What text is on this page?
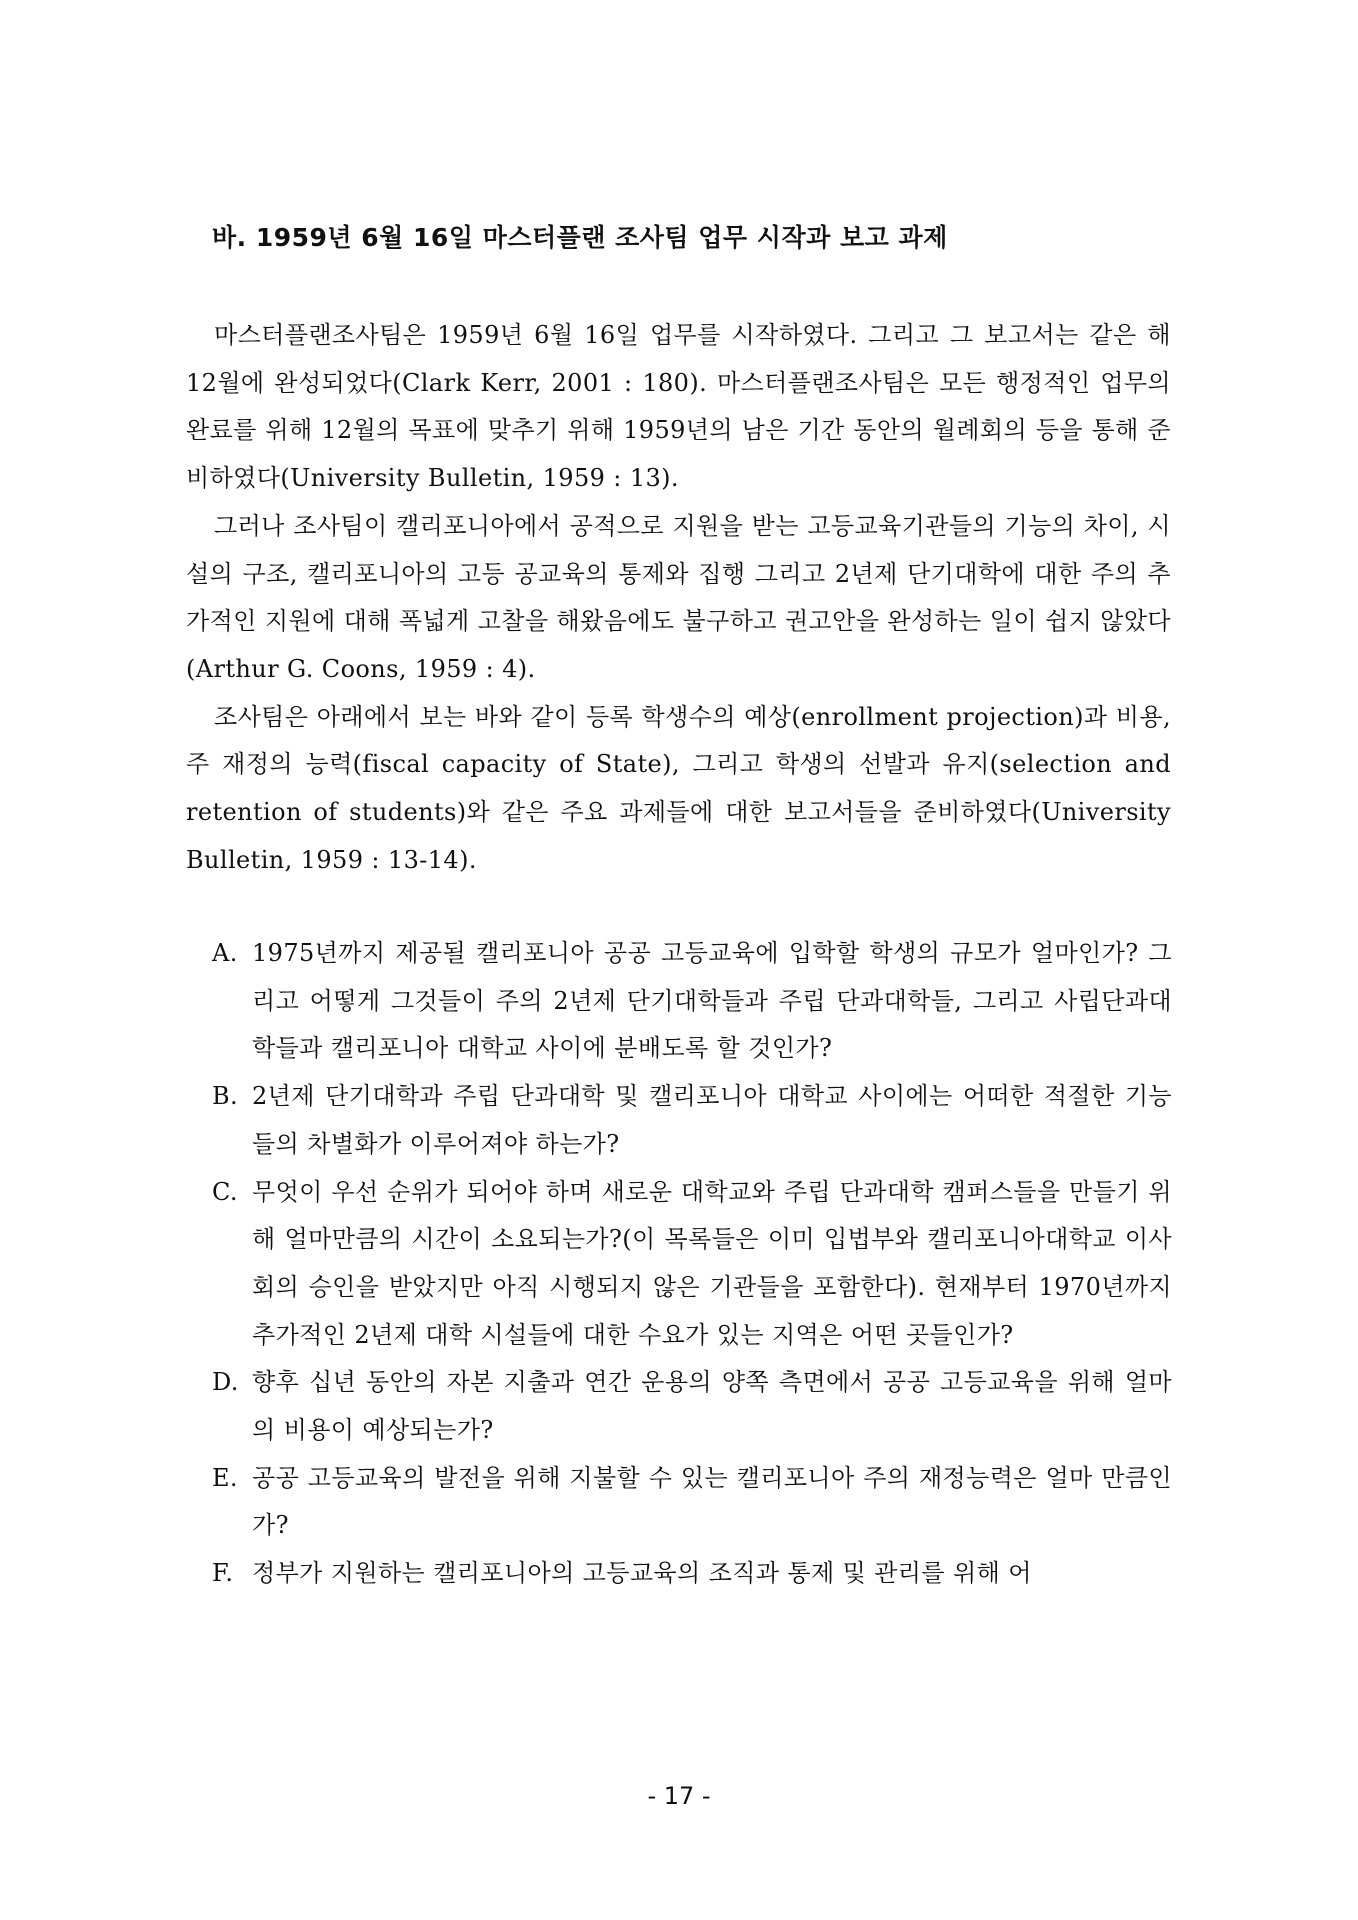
바. 1959년 6월 16일 마스터플랜 조사팀 업무 시작과 보고 과제

마스터플랜조사팀은 1959년 6월 16일 업무를 시작하였다. 그리고 그 보고서는 같은 해 12월에 완성되었다(Clark Kerr, 2001 : 180). 마스터플랜조사팀은 모든 행정적인 업무의 완료를 위해 12월의 목표에 맞추기 위해 1959년의 남은 기간 동안의 월례회의 등을 통해 준비하였다(University Bulletin, 1959 : 13).

그러나 조사팀이 캘리포니아에서 공적으로 지원을 받는 고등교육기관들의 기능의 차이, 시설의 구조, 캘리포니아의 고등 공교육의 통제와 집행 그리고 2년제 단기대학에 대한 주의 추가적인 지원에 대해 폭넓게 고찰을 해왔음에도 불구하고 권고안을 완성하는 일이 쉽지 않았다(Arthur G. Coons, 1959 : 4).

조사팀은 아래에서 보는 바와 같이 등록 학생수의 예상(enrollment projection)과 비용, 주 재정의 능력(fiscal capacity of State), 그리고 학생의 선발과 유지(selection and retention of students)와 같은 주요 과제들에 대한 보고서들을 준비하였다(University Bulletin, 1959 : 13-14).

A. 1975년까지 제공될 캘리포니아 공공 고등교육에 입학할 학생의 규모가 얼마인가? 그리고 어떻게 그것들이 주의 2년제 단기대학들과 주립 단과대학들, 그리고 사립단과대학들과 캘리포니아 대학교 사이에 분배도록 할 것인가?
B. 2년제 단기대학과 주립 단과대학 및 캘리포니아 대학교 사이에는 어떠한 적절한 기능들의 차별화가 이루어져야 하는가?
C. 무엇이 우선 순위가 되어야 하며 새로운 대학교와 주립 단과대학 캠퍼스들을 만들기 위해 얼마만큼의 시간이 소요되는가?(이 목록들은 이미 입법부와 캘리포니아대학교 이사회의 승인을 받았지만 아직 시행되지 않은 기관들을 포함한다). 현재부터 1970년까지 추가적인 2년제 대학 시설들에 대한 수요가 있는 지역은 어떤 곳들인가?
D. 향후 십년 동안의 자본 지출과 연간 운용의 양쪽 측면에서 공공 고등교육을 위해 얼마의 비용이 예상되는가?
E. 공공 고등교육의 발전을 위해 지불할 수 있는 캘리포니아 주의 재정능력은 얼마 만큼인가?
F. 정부가 지원하는 캘리포니아의 고등교육의 조직과 통제 및 관리를 위해 어
- 17 -
